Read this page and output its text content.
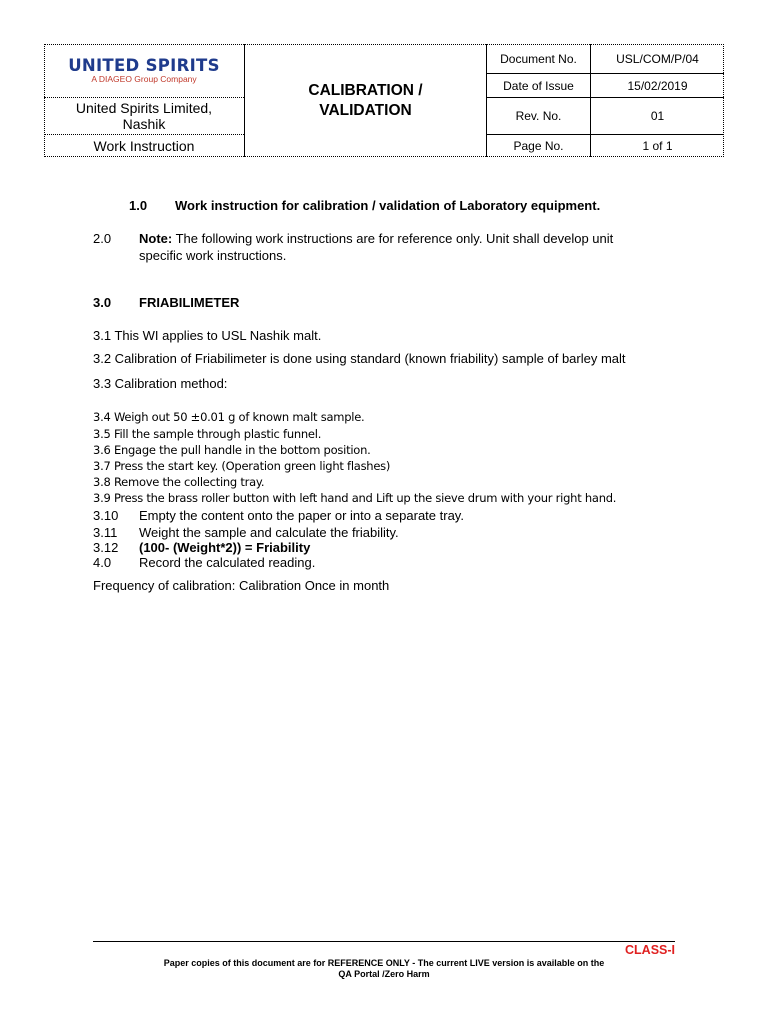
UNITED SPIRITS
A DIAGEO Group Company
United Spirits Limited, Nashik
Work Instruction
CALIBRATION /
VALIDATION
Document No.	USL/COM/P/04
Date of Issue	15/02/2019
Rev. No.	01
Page No.	1 of 1
1.0 Work instruction for calibration / validation of Laboratory equipment.
2.0 Note: The following work instructions are for reference only. Unit shall develop unit
specific work instructions.
3.0 FRIABILIMETER
3.1 This WI applies to USL Nashik malt.
3.2 Calibration of Friabilimeter is done using standard (known friability) sample of barley malt
3.3 Calibration method:
3.4 Weigh out 50 ±0.01 g of known malt sample.
3.5 Fill the sample through plastic funnel.
3.6 Engage the pull handle in the bottom position.
3.7 Press the start key. (Operation green light flashes)
3.8 Remove the collecting tray.
3.9 Press the brass roller button with left hand and Lift up the sieve drum with your right hand.
3.10 Empty the content onto the paper or into a separate tray.
3.11 Weight the sample and calculate the friability.
3.12 (100- (Weight*2)) = Friability
4.0 Record the calculated reading.
Frequency of calibration: Calibration Once in month
CLASS-I
Paper copies of this document are for REFERENCE ONLY - The current LIVE version is available on the
QA Portal /Zero Harm
